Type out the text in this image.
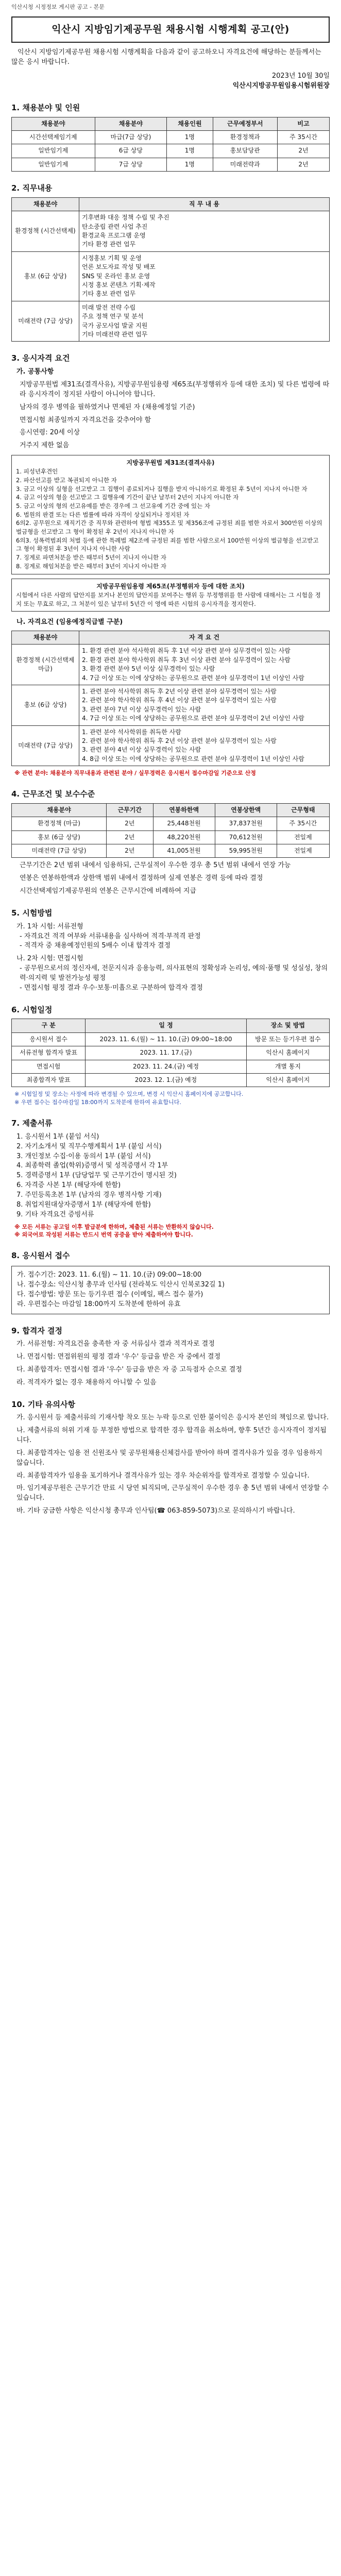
익산시청 시정정보 게시판 공고 - 본문
익산시 지방임기제공무원 채용시험 시행계획 공고(안)
익산시 지방임기제공무원 채용시험 시행계획을 다음과 같이 공고하오니 자격요건에 해당하는 분들께서는 많은 응시 바랍니다.
2023년 10월 30일
익산시지방공무원임용시험위원장
1. 채용분야 및 인원
채용분야	채용분야	채용인원	근무예정부서	비고
시간선택제임기제	마급(7급 상당)	1명	환경정책과	주 35시간
일반임기제	6급 상당	1명	홍보담당관	2년
일반임기제	7급 상당	1명	미래전략과	2년
2. 직무내용
채용분야	직 무 내 용
환경정책 (시간선택제)	기후변화 대응 정책 수립 및 추진
탄소중립 관련 사업 추진
환경교육 프로그램 운영
기타 환경 관련 업무

홍보 (6급 상당)	시정홍보 기획 및 운영
언론 보도자료 작성 및 배포
SNS 및 온라인 홍보 운영
시정 홍보 콘텐츠 기획·제작
기타 홍보 관련 업무

미래전략 (7급 상당)	미래 발전 전략 수립
주요 정책 연구 및 분석
국가 공모사업 발굴 지원
기타 미래전략 관련 업무
3. 응시자격 요건
가. 공통사항
지방공무원법 제31조(결격사유), 지방공무원임용령 제65조(부정행위자 등에 대한 조치) 및 다른 법령에 따라 응시자격이 정지된 사람이 아니어야 합니다.
남자의 경우 병역을 필하였거나 면제된 자 (채용예정일 기준)
면접시험 최종일까지 자격요건을 갖추어야 함
응시연령: 20세 이상
거주지 제한 없음
지방공무원법 제31조(결격사유)
1. 피성년후견인
2. 파산선고를 받고 복권되지 아니한 자
3. 금고 이상의 실형을 선고받고 그 집행이 종료되거나 집행을 받지 아니하기로 확정된 후 5년이 지나지 아니한 자
4. 금고 이상의 형을 선고받고 그 집행유예 기간이 끝난 날부터 2년이 지나지 아니한 자
5. 금고 이상의 형의 선고유예를 받은 경우에 그 선고유예 기간 중에 있는 자
6. 법원의 판결 또는 다른 법률에 따라 자격이 상실되거나 정지된 자
6의2. 공무원으로 재직기간 중 직무와 관련하여 형법 제355조 및 제356조에 규정된 죄를 범한 자로서 300만원 이상의 벌금형을 선고받고 그 형이 확정된 후 2년이 지나지 아니한 자
6의3. 성폭력범죄의 처벌 등에 관한 특례법 제2조에 규정된 죄를 범한 사람으로서 100만원 이상의 벌금형을 선고받고 그 형이 확정된 후 3년이 지나지 아니한 사람
7. 징계로 파면처분을 받은 때부터 5년이 지나지 아니한 자
8. 징계로 해임처분을 받은 때부터 3년이 지나지 아니한 자
지방공무원임용령 제65조(부정행위자 등에 대한 조치)
시험에서 다른 사람의 답안지를 보거나 본인의 답안지를 보여주는 행위 등 부정행위를 한 사람에 대해서는 그 시험을 정지 또는 무효로 하고, 그 처분이 있은 날부터 5년간 이 영에 따른 시험의 응시자격을 정지한다.
나. 자격요건 (임용예정직급별 구분)
채용분야	자 격 요 건
환경정책 (시간선택제 마급)	1. 환경 관련 분야 석사학위 취득 후 1년 이상 관련 분야 실무경력이 있는 사람
2. 환경 관련 분야 학사학위 취득 후 3년 이상 관련 분야 실무경력이 있는 사람
3. 환경 관련 분야 5년 이상 실무경력이 있는 사람
4. 7급 이상 또는 이에 상당하는 공무원으로 관련 분야 실무경력이 1년 이상인 사람

홍보 (6급 상당)	1. 관련 분야 석사학위 취득 후 2년 이상 관련 분야 실무경력이 있는 사람
2. 관련 분야 학사학위 취득 후 4년 이상 관련 분야 실무경력이 있는 사람
3. 관련 분야 7년 이상 실무경력이 있는 사람
4. 7급 이상 또는 이에 상당하는 공무원으로 관련 분야 실무경력이 2년 이상인 사람

미래전략 (7급 상당)	1. 관련 분야 석사학위를 취득한 사람
2. 관련 분야 학사학위 취득 후 2년 이상 관련 분야 실무경력이 있는 사람
3. 관련 분야 4년 이상 실무경력이 있는 사람
4. 8급 이상 또는 이에 상당하는 공무원으로 관련 분야 실무경력이 1년 이상인 사람
※ 관련 분야: 채용분야 직무내용과 관련된 분야 / 실무경력은 응시원서 접수마감일 기준으로 산정
4. 근무조건 및 보수수준
채용분야	근무기간	연봉하한액	연봉상한액	근무형태
환경정책 (마급)	2년	25,448천원	37,837천원	주 35시간
홍보 (6급 상당)	2년	48,220천원	70,612천원	전일제
미래전략 (7급 상당)	2년	41,005천원	59,995천원	전일제
근무기간은 2년 범위 내에서 임용하되, 근무실적이 우수한 경우 총 5년 범위 내에서 연장 가능
연봉은 연봉하한액과 상한액 범위 내에서 결정하며 실제 연봉은 경력 등에 따라 결정
시간선택제임기제공무원의 연봉은 근무시간에 비례하여 지급
5. 시험방법
가. 1차 시험: 서류전형
- 자격요건 적격 여부와 서류내용을 심사하여 적격·부적격 판정
- 적격자 중 채용예정인원의 5배수 이내 합격자 결정
나. 2차 시험: 면접시험
- 공무원으로서의 정신자세, 전문지식과 응용능력, 의사표현의 정확성과 논리성, 예의·품행 및 성실성, 창의력·의지력 및 발전가능성 평정
- 면접시험 평정 결과 우수·보통·미흡으로 구분하여 합격자 결정
6. 시험일정
구 분	일 정	장소 및 방법
응시원서 접수	2023. 11. 6.(월) ~ 11. 10.(금) 09:00~18:00	방문 또는 등기우편 접수
서류전형 합격자 발표	2023. 11. 17.(금)	익산시 홈페이지
면접시험	2023. 11. 24.(금) 예정	개별 통지
최종합격자 발표	2023. 12. 1.(금) 예정	익산시 홈페이지
※ 시험일정 및 장소는 사정에 따라 변경될 수 있으며, 변경 시 익산시 홈페이지에 공고합니다.
※ 우편 접수는 접수마감일 18:00까지 도착분에 한하여 유효합니다.
7. 제출서류
1. 응시원서 1부 (붙임 서식)
2. 자기소개서 및 직무수행계획서 1부 (붙임 서식)
3. 개인정보 수집·이용 동의서 1부 (붙임 서식)
4. 최종학력 졸업(학위)증명서 및 성적증명서 각 1부
5. 경력증명서 1부 (담당업무 및 근무기간이 명시된 것)
6. 자격증 사본 1부 (해당자에 한함)
7. 주민등록초본 1부 (남자의 경우 병적사항 기재)
8. 취업지원대상자증명서 1부 (해당자에 한함)
9. 기타 자격요건 증빙서류
※ 모든 서류는 공고일 이후 발급분에 한하며, 제출된 서류는 반환하지 않습니다.
※ 외국어로 작성된 서류는 반드시 번역 공증을 받아 제출하여야 합니다.
8. 응시원서 접수
가. 접수기간: 2023. 11. 6.(월) ~ 11. 10.(금) 09:00~18:00
나. 접수장소: 익산시청 총무과 인사팀 (전라북도 익산시 인북로32길 1)
다. 접수방법: 방문 또는 등기우편 접수 (이메일, 팩스 접수 불가)
라. 우편접수는 마감일 18:00까지 도착분에 한하여 유효
9. 합격자 결정
가. 서류전형: 자격요건을 충족한 자 중 서류심사 결과 적격자로 결정
나. 면접시험: 면접위원의 평정 결과 '우수' 등급을 받은 자 중에서 결정
다. 최종합격자: 면접시험 결과 '우수' 등급을 받은 자 중 고득점자 순으로 결정
라. 적격자가 없는 경우 채용하지 아니할 수 있음
10. 기타 유의사항
가. 응시원서 등 제출서류의 기재사항 착오 또는 누락 등으로 인한 불이익은 응시자 본인의 책임으로 합니다.
나. 제출서류의 허위 기재 등 부정한 방법으로 합격한 경우 합격을 취소하며, 향후 5년간 응시자격이 정지됩니다.
다. 최종합격자는 임용 전 신원조사 및 공무원채용신체검사를 받아야 하며 결격사유가 있을 경우 임용하지 않습니다.
라. 최종합격자가 임용을 포기하거나 결격사유가 있는 경우 차순위자를 합격자로 결정할 수 있습니다.
마. 임기제공무원은 근무기간 만료 시 당연 퇴직되며, 근무실적이 우수한 경우 총 5년 범위 내에서 연장할 수 있습니다.
바. 기타 궁금한 사항은 익산시청 총무과 인사팀(☎ 063-859-5073)으로 문의하시기 바랍니다.
